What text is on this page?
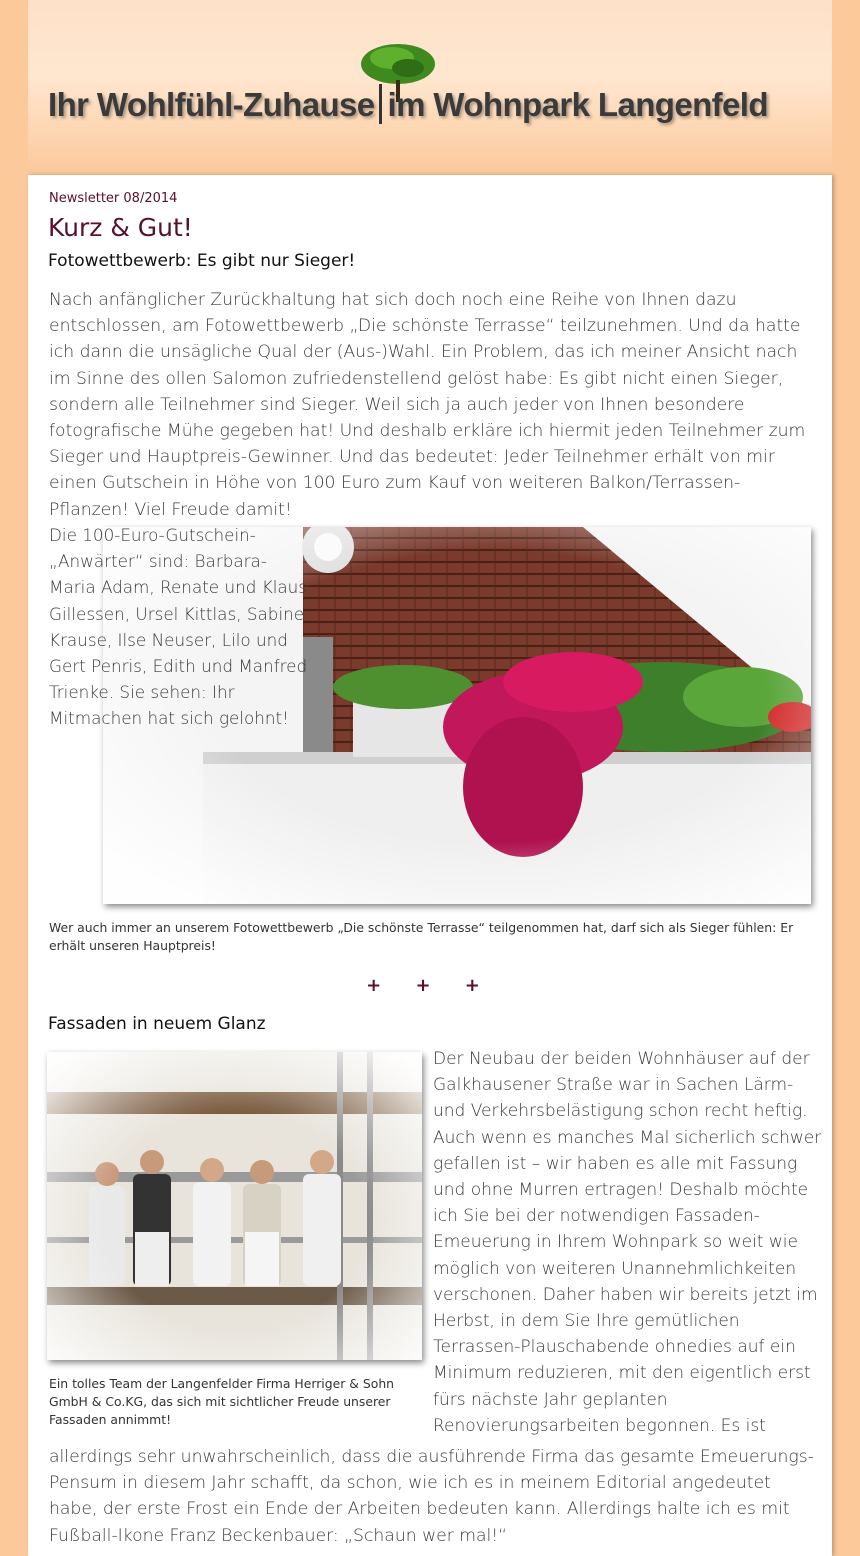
Ihr Wohlfühl-Zuhause im Wohnpark Langenfeld
Newsletter 08/2014
Kurz & Gut!
Fotowettbewerb: Es gibt nur Sieger!

Nach anfänglicher Zurückhaltung hat sich doch noch eine Reihe von Ihnen dazu entschlossen, am Fotowettbewerb „Die schönste Terrasse“ teilzunehmen. Und da hatte ich dann die unsägliche Qual der (Aus-)Wahl. Ein Problem, das ich meiner Ansicht nach im Sinne des ollen Salomon zufriedenstellend gelöst habe: Es gibt nicht einen Sieger, sondern alle Teilnehmer sind Sieger. Weil sich ja auch jeder von Ihnen besondere fotografische Mühe gegeben hat! Und deshalb erkläre ich hiermit jeden Teilnehmer zum Sieger und Hauptpreis-Gewinner. Und das bedeutet: Jeder Teilnehmer erhält von mir einen Gutschein in Höhe von 100 Euro zum Kauf von weiteren Balkon/Terrassen-Pflanzen! Viel Freude damit!

Die 100-Euro-Gutschein-„Anwärter“ sind: Barbara-Maria Adam, Renate und Klaus Gillessen, Ursel Kittlas, Sabine Krause, Ilse Neuser, Lilo und Gert Penris, Edith und Manfred Trienke. Sie sehen: Ihr Mitmachen hat sich gelohnt!

Wer auch immer an unserem Fotowettbewerb „Die schönste Terrasse“ teilgenommen hat, darf sich als Sieger fühlen: Er erhält unseren Hauptpreis!

+ + +
Fassaden in neuem Glanz

Ein tolles Team der Langenfelder Firma Herriger & Sohn GmbH & Co.KG, das sich mit sichtlicher Freude unserer Fassaden annimmt!

Der Neubau der beiden Wohnhäuser auf der Galkhausener Straße war in Sachen Lärm- und Verkehrsbelästigung schon recht heftig. Auch wenn es manches Mal sicherlich schwer gefallen ist – wir haben es alle mit Fassung und ohne Murren ertragen! Deshalb möchte ich Sie bei der notwendigen Fassaden-Emeuerung in Ihrem Wohnpark so weit wie möglich von weiteren Unannehmlichkeiten verschonen. Daher haben wir bereits jetzt im Herbst, in dem Sie Ihre gemütlichen Terrassen-Plauschabende ohnedies auf ein Minimum reduzieren, mit den eigentlich erst fürs nächste Jahr geplanten Renovierungsarbeiten begonnen. Es ist

allerdings sehr unwahrscheinlich, dass die ausführende Firma das gesamte Emeuerungs-Pensum in diesem Jahr schafft, da schon, wie ich es in meinem Editorial angedeutet habe, der erste Frost ein Ende der Arbeiten bedeuten kann. Allerdings halte ich es mit Fußball-Ikone Franz Beckenbauer: „Schaun wer mal!“
